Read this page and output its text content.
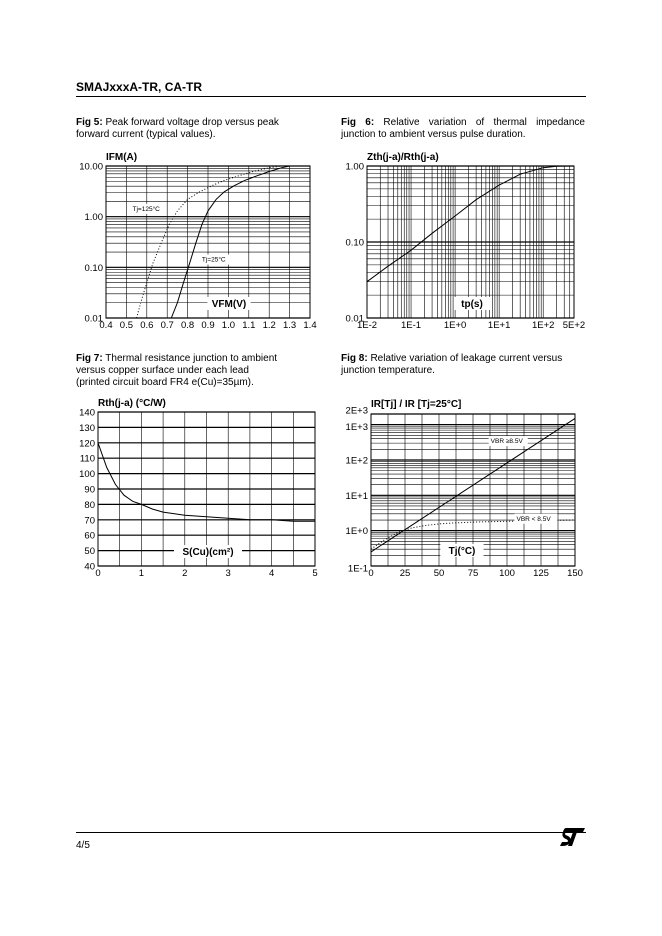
SMAJxxxA-TR, CA-TR
Fig 5: Peak forward voltage drop versus peak
forward current (typical values).
Fig 6: Relative variation of thermal impedance
junction to ambient versus pulse duration.
Fig 7: Thermal resistance junction to ambient
versus copper surface under each lead
(printed circuit board FR4 e(Cu)=35µm).
Fig 8: Relative variation of leakage current versus
junction temperature.
0.4 0.5 0.6 0.7 0.8 0.9 1.0 1.1 1.2 1.3 1.4
0.01
0.10
1.00
10.00
Tj=125°C
Tj=25°C
IFM(A)
VFM(V)
1E-2	1E-1 1E+0 1E+1 1E+2 5E+2
0.01
0.10
1.00
Zth(j-a)/Rth(j-a)
tp(s)
0	1	2	3	4	5
40
50
60
70
80
90
100
110
120
130
140
Rth(j-a) (°C/W)
S(Cu)(cm²)
0	25 50 75 100 125 150
1E-1
1E+0
1E+1
1E+2
1E+3
2E+3
VBR ≥8.5V
VBR < 8.5V
IR[Tj] / IR [Tj=25°C]
Tj(°C)
4/5
